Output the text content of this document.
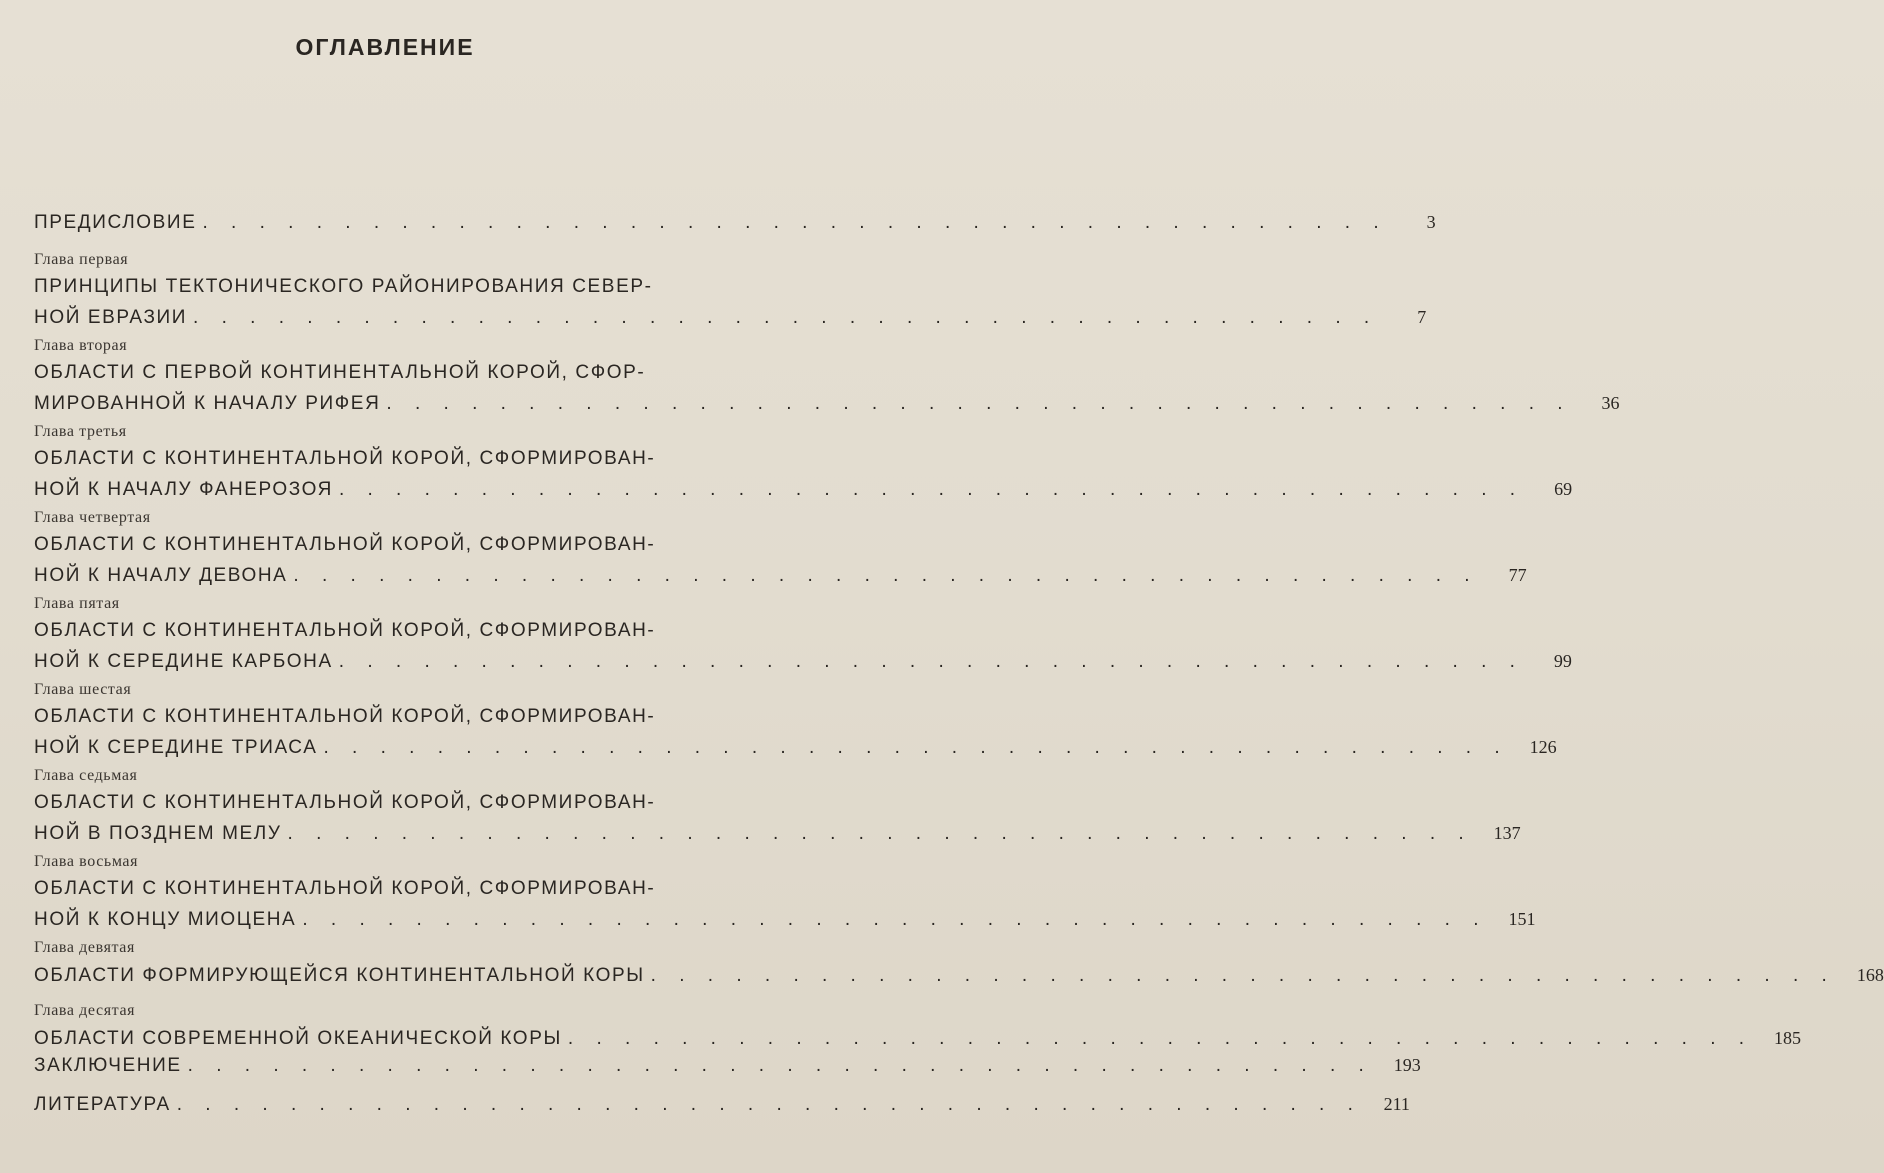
ОГЛАВЛЕНИЕ
ПРЕДИСЛОВИЕ . . . . . . . . . . . . . . . . . . . . . . . . . . . . . . . . . . . . . . . . . .	3
Глава первая
ПРИНЦИПЫ ТЕКТОНИЧЕСКОГО РАЙОНИРОВАНИЯ СЕВЕР-
НОЙ ЕВРАЗИИ . . . . . . . . . . . . . . . . . . . . . . . . . . . . . . . . . . . . . . . . . .	7
Глава вторая
ОБЛАСТИ С ПЕРВОЙ КОНТИНЕНТАЛЬНОЙ КОРОЙ, СФОР-
МИРОВАННОЙ К НАЧАЛУ РИФЕЯ . . . . . . . . . . . . . . . . . . . . . . . . . . . . . . . . . . . . . . . . . .	36
Глава третья
ОБЛАСТИ С КОНТИНЕНТАЛЬНОЙ КОРОЙ, СФОРМИРОВАН-
НОЙ К НАЧАЛУ ФАНЕРОЗОЯ . . . . . . . . . . . . . . . . . . . . . . . . . . . . . . . . . . . . . . . . . .	69
Глава четвертая
ОБЛАСТИ С КОНТИНЕНТАЛЬНОЙ КОРОЙ, СФОРМИРОВАН-
НОЙ К НАЧАЛУ ДЕВОНА . . . . . . . . . . . . . . . . . . . . . . . . . . . . . . . . . . . . . . . . . .	77
Глава пятая
ОБЛАСТИ С КОНТИНЕНТАЛЬНОЙ КОРОЙ, СФОРМИРОВАН-
НОЙ К СЕРЕДИНЕ КАРБОНА . . . . . . . . . . . . . . . . . . . . . . . . . . . . . . . . . . . . . . . . . .	99
Глава шестая
ОБЛАСТИ С КОНТИНЕНТАЛЬНОЙ КОРОЙ, СФОРМИРОВАН-
НОЙ К СЕРЕДИНЕ ТРИАСА . . . . . . . . . . . . . . . . . . . . . . . . . . . . . . . . . . . . . . . . . .	126
Глава седьмая
ОБЛАСТИ С КОНТИНЕНТАЛЬНОЙ КОРОЙ, СФОРМИРОВАН-
НОЙ В ПОЗДНЕМ МЕЛУ . . . . . . . . . . . . . . . . . . . . . . . . . . . . . . . . . . . . . . . . . .	137
Глава восьмая
ОБЛАСТИ С КОНТИНЕНТАЛЬНОЙ КОРОЙ, СФОРМИРОВАН-
НОЙ К КОНЦУ МИОЦЕНА . . . . . . . . . . . . . . . . . . . . . . . . . . . . . . . . . . . . . . . . . .	151
Глава девятая
ОБЛАСТИ ФОРМИРУЮЩЕЙСЯ КОНТИНЕНТАЛЬНОЙ КОРЫ . . . . . . . . . . . . . . . . . . . . . . . . . . . . . . . . . . . . . . . . . .	168
Глава десятая
ОБЛАСТИ СОВРЕМЕННОЙ ОКЕАНИЧЕСКОЙ КОРЫ . . . . . . . . . . . . . . . . . . . . . . . . . . . . . . . . . . . . . . . . . .	185
ЗАКЛЮЧЕНИЕ . . . . . . . . . . . . . . . . . . . . . . . . . . . . . . . . . . . . . . . . . .	193
ЛИТЕРАТУРА . . . . . . . . . . . . . . . . . . . . . . . . . . . . . . . . . . . . . . . . . .	211
